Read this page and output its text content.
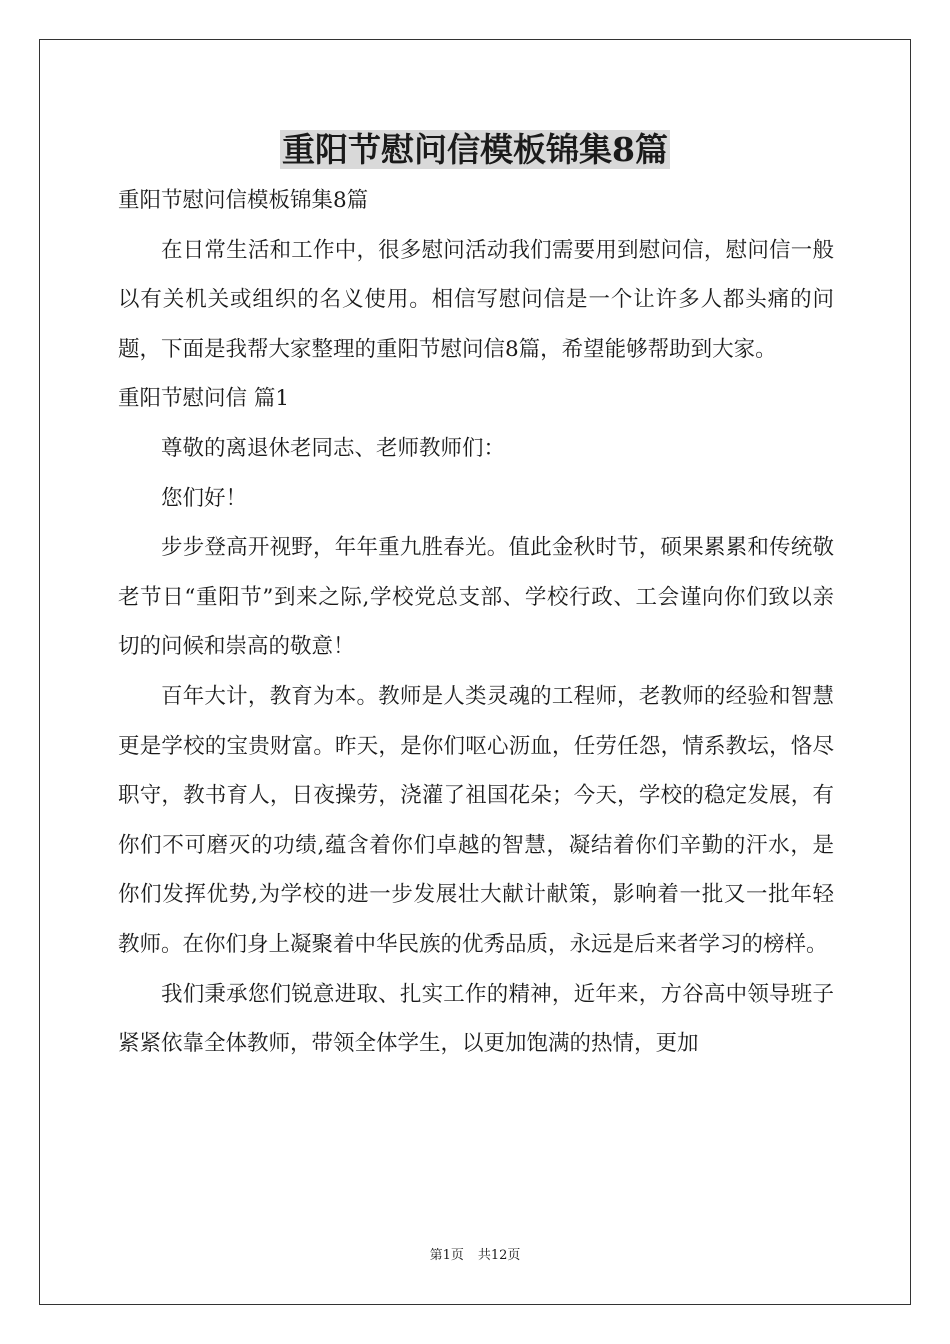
重阳节慰问信模板锦集8篇

重阳节慰问信模板锦集8篇

在日常生活和工作中，很多慰问活动我们需要用到慰问信，慰问信一般以有关机关或组织的名义使用。相信写慰问信是一个让许多人都头痛的问题，下面是我帮大家整理的重阳节慰问信8篇，希望能够帮助到大家。

重阳节慰问信 篇1

尊敬的离退休老同志、老师教师们：

您们好！

步步登高开视野，年年重九胜春光。值此金秋时节，硕果累累和传统敬老节日“重阳节”到来之际,学校党总支部、学校行政、工会谨向你们致以亲切的问候和崇高的敬意！

百年大计，教育为本。教师是人类灵魂的工程师，老教师的经验和智慧更是学校的宝贵财富。昨天，是你们呕心沥血，任劳任怨，情系教坛，恪尽职守，教书育人，日夜操劳，浇灌了祖国花朵；今天，学校的稳定发展，有你们不可磨灭的功绩,蕴含着你们卓越的智慧，凝结着你们辛勤的汗水，是你们发挥优势,为学校的进一步发展壮大献计献策，影响着一批又一批年轻教师。在你们身上凝聚着中华民族的优秀品质，永远是后来者学习的榜样。

我们秉承您们锐意进取、扎实工作的精神，近年来，方谷高中领导班子紧紧依靠全体教师，带领全体学生，以更加饱满的热情，更加

第1页 共12页
